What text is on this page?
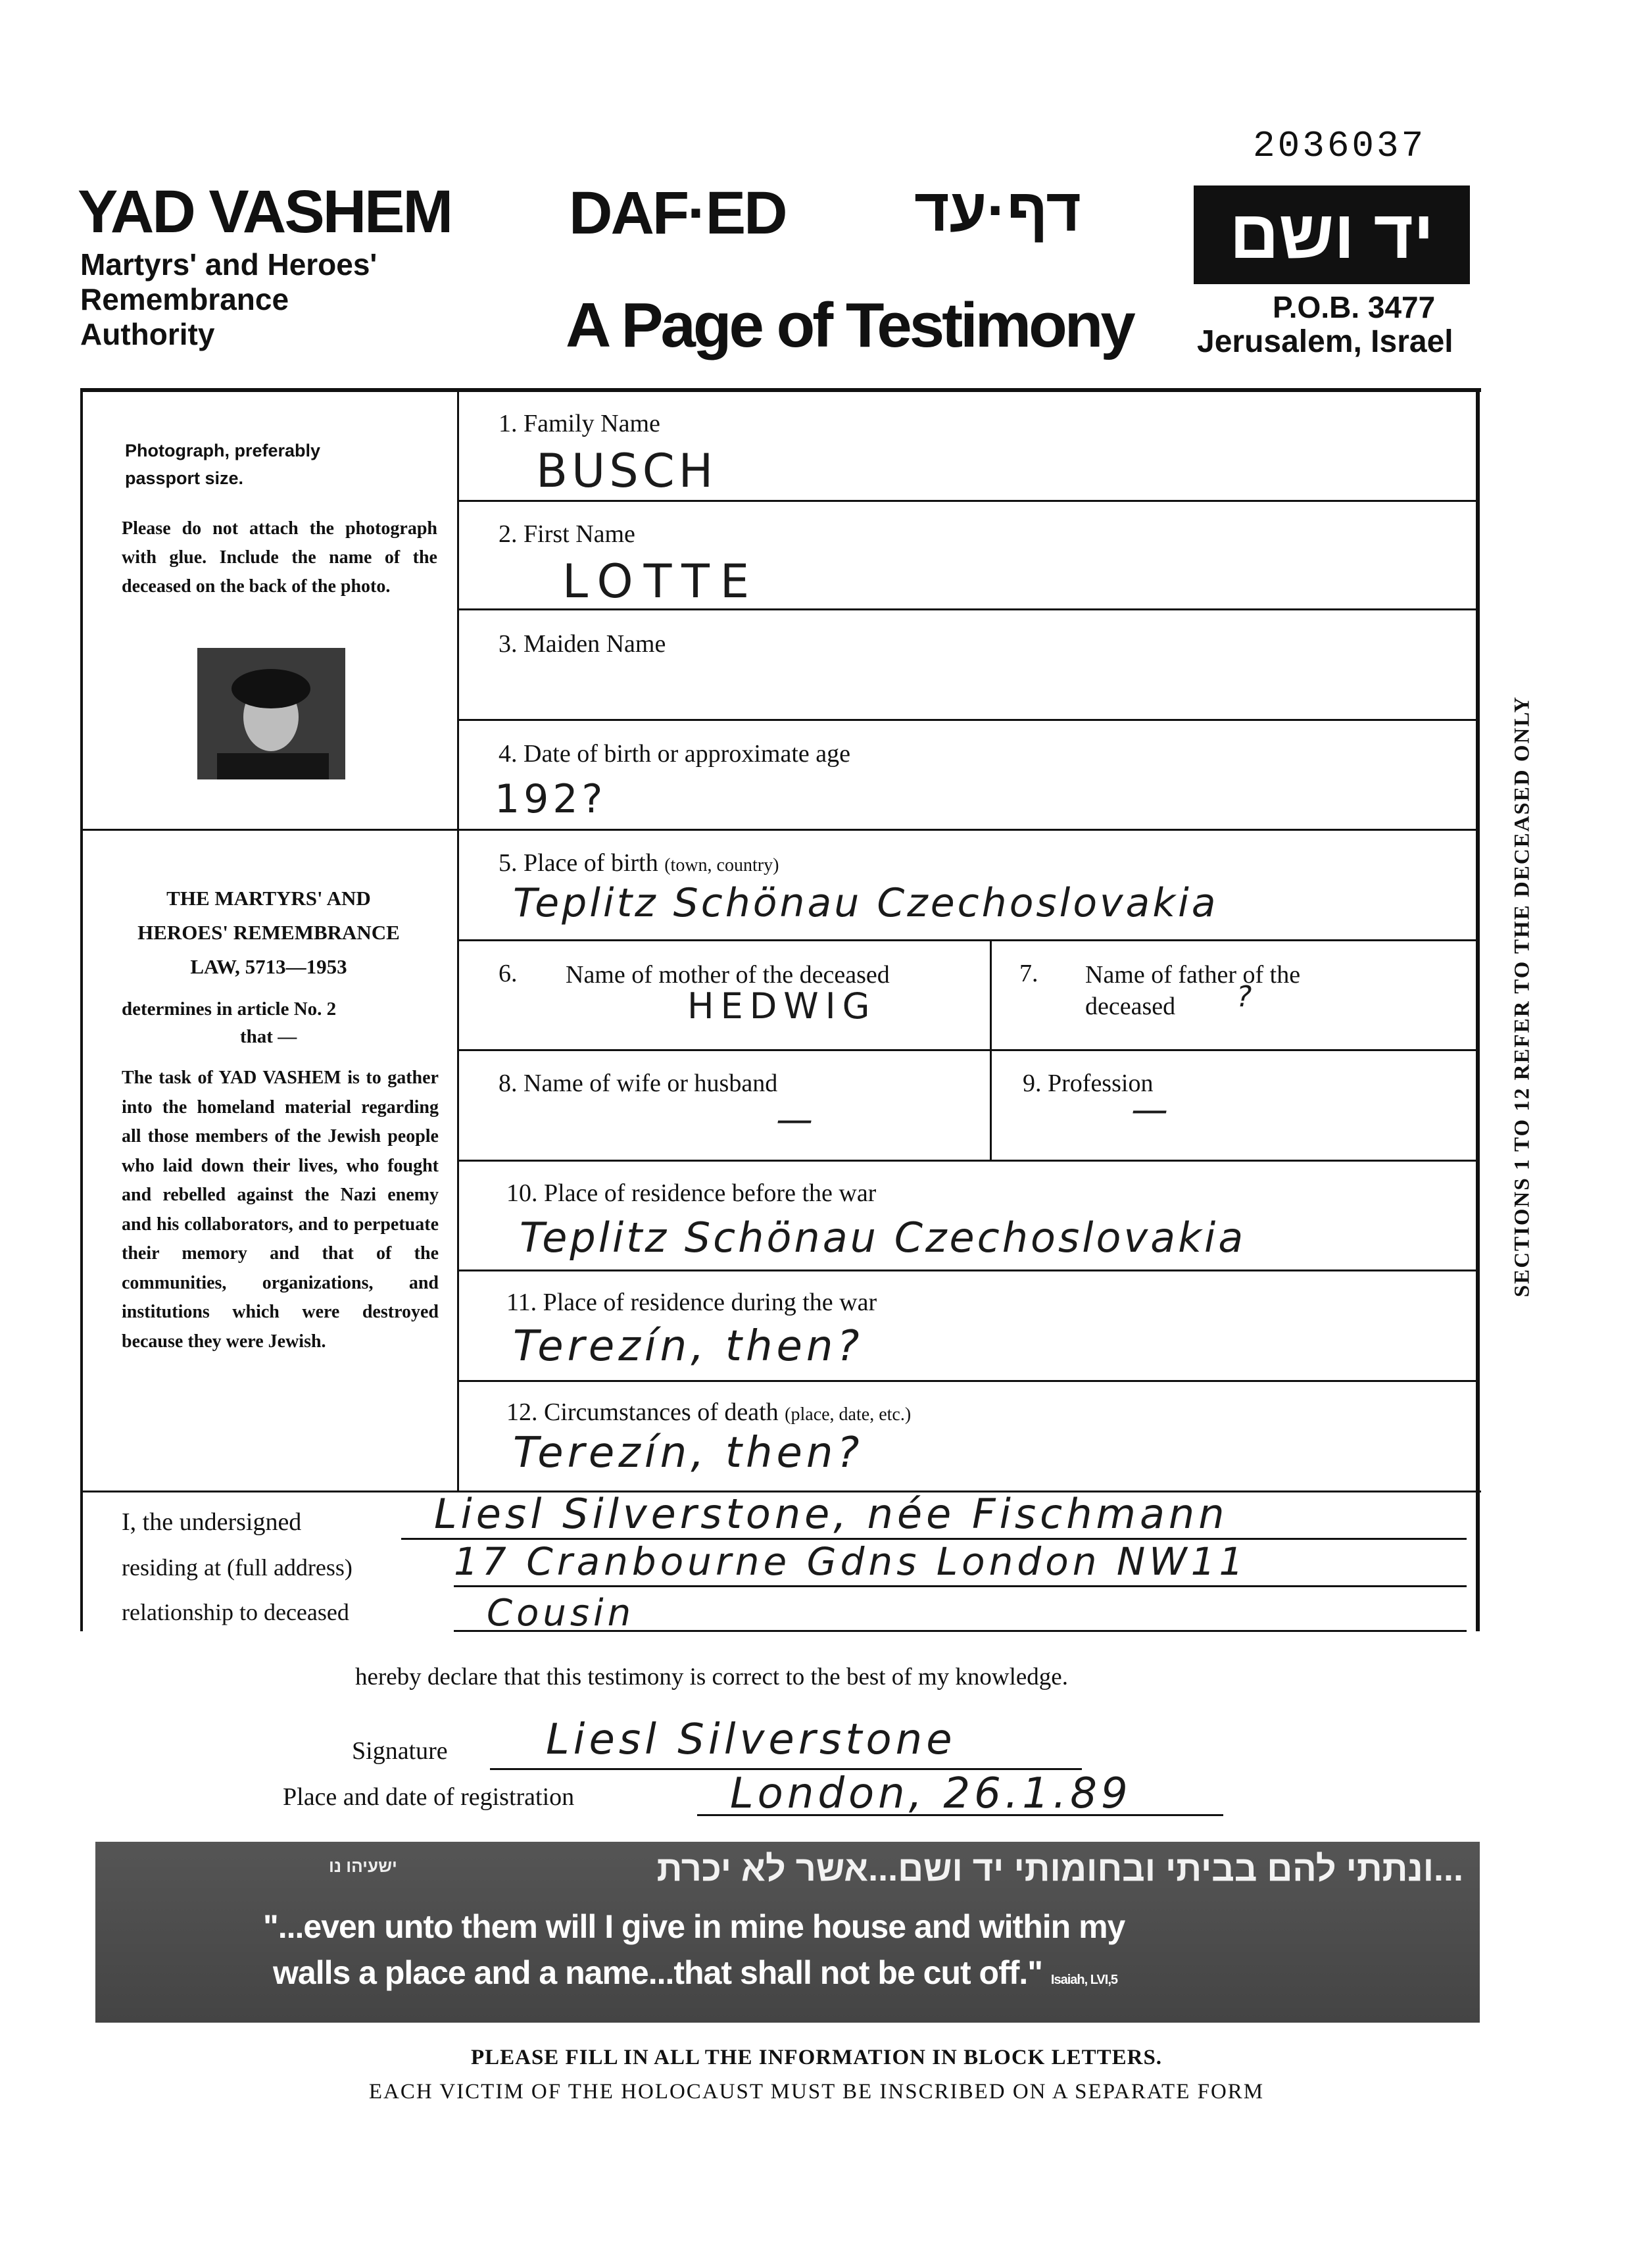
2036037
YAD VASHEM
Martyrs' and Heroes'
Remembrance
Authority
DAF·ED דף·עד
A Page of Testimony
יד ושם
P.O.B. 3477
Jerusalem, Israel
Photograph, preferably
passport size.
Please do not attach the photograph with glue. Include the name of the deceased on the back of the photo.
THE MARTYRS' AND
HEROES' REMEMBRANCE
LAW, 5713—1953
determines in article No. 2
that —
The task of YAD VASHEM is to gather into the homeland material regarding all those members of the Jewish people who laid down their lives, who fought and rebelled against the Nazi enemy and his collaborators, and to perpetuate their memory and that of the communities, organizations, and institutions which were destroyed because they were Jewish.
1. Family Name
BUSCH
2. First Name
LOTTE
3. Maiden Name
4. Date of birth or approximate age
192?
5. Place of birth (town, country)
Teplitz Schönau Czechoslovakia
6. Name of mother of the deceased
HEDWIG
7. Name of father of the deceased	?
8. Name of wife or husband
—
9. Profession
—
10. Place of residence before the war
Teplitz Schönau Czechoslovakia
11. Place of residence during the war
Terezín, then?
12. Circumstances of death (place, date, etc.)
Terezín, then?
SECTIONS 1 TO 12 REFER TO THE DECEASED ONLY
I, the undersigned	Liesl Silverstone, née Fischmann
residing at (full address)	17 Cranbourne Gdns London NW11
relationship to deceased	Cousin
hereby declare that this testimony is correct to the best of my knowledge.
Signature Liesl Silverstone
Place and date of registration	London, 26.1.89
ישעיהו נו	...ונתתי להם בביתי ובחומותי יד ושם...אשר לא יכרת
"...even unto them will I give in mine house and within my
walls a place and a name...that shall not be cut off." Isaiah, LVI,5
PLEASE FILL IN ALL THE INFORMATION IN BLOCK LETTERS.
EACH VICTIM OF THE HOLOCAUST MUST BE INSCRIBED ON A SEPARATE FORM
